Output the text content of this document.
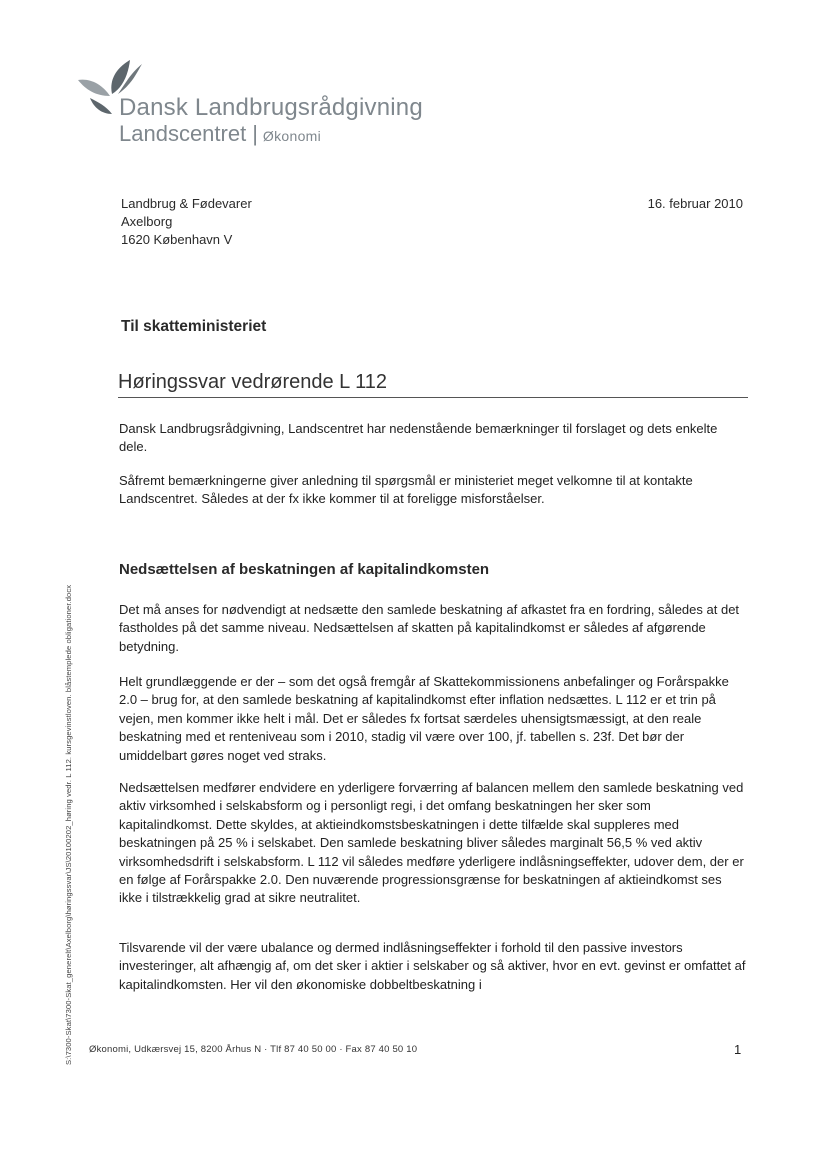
Dansk Landbrugsrådgivning
Landscentret | Økonomi
Landbrug & Fødevarer
Axelborg
1620 København V
16. februar 2010
Til skatteministeriet
Høringssvar vedrørende L 112

Dansk Landbrugsrådgivning, Landscentret har nedenstående bemærkninger til forslaget og dets enkelte dele.

Såfremt bemærkningerne giver anledning til spørgsmål er ministeriet meget velkomne til at kontakte Landscentret. Således at der fx ikke kommer til at foreligge misforståelser.

Nedsættelsen af beskatningen af kapitalindkomsten

Det må anses for nødvendigt at nedsætte den samlede beskatning af afkastet fra en fordring, således at det fastholdes på det samme niveau. Nedsættelsen af skatten på kapitalindkomst er således af afgørende betydning.

Helt grundlæggende er der – som det også fremgår af Skattekommissionens anbefalinger og Forårspakke 2.0 – brug for, at den samlede beskatning af kapitalindkomst efter inflation nedsættes. L 112 er et trin på vejen, men kommer ikke helt i mål. Det er således fx fortsat særdeles uhensigtsmæssigt, at den reale beskatning med et renteniveau som i 2010, stadig vil være over 100, jf. tabellen s. 23f. Det bør der umiddelbart gøres noget ved straks.

Nedsættelsen medfører endvidere en yderligere forværring af balancen mellem den samlede beskatning ved aktiv virksomhed i selskabsform og i personligt regi, i det omfang beskatningen her sker som kapitalindkomst. Dette skyldes, at aktieindkomstsbeskatningen i dette tilfælde skal suppleres med beskatningen på 25 % i selskabet. Den samlede beskatning bliver således marginalt 56,5 % ved aktiv virksomhedsdrift i selskabsform. L 112 vil således medføre yderligere indlåsningseffekter, udover dem, der er en følge af Forårspakke 2.0. Den nuværende progressionsgrænse for beskatningen af aktieindkomst ses ikke i tilstrækkelig grad at sikre neutralitet.

Tilsvarende vil der være ubalance og dermed indlåsningseffekter i forhold til den passive investors investeringer, alt afhængig af, om det sker i aktier i selskaber og så aktiver, hvor en evt. gevinst er omfattet af kapitalindkomsten. Her vil den økonomiske dobbeltbeskatning i

S:\7300-Skat\7300-Skat_generelt\Axelborg\høringssvar\JS\20100202_høring vedr. L 112. kursgevinstloven. blåstemplede obligationer.docx Økonomi, Udkærsvej 15, 8200 Århus N · Tlf 87 40 50 00 · Fax 87 40 50 10	1
